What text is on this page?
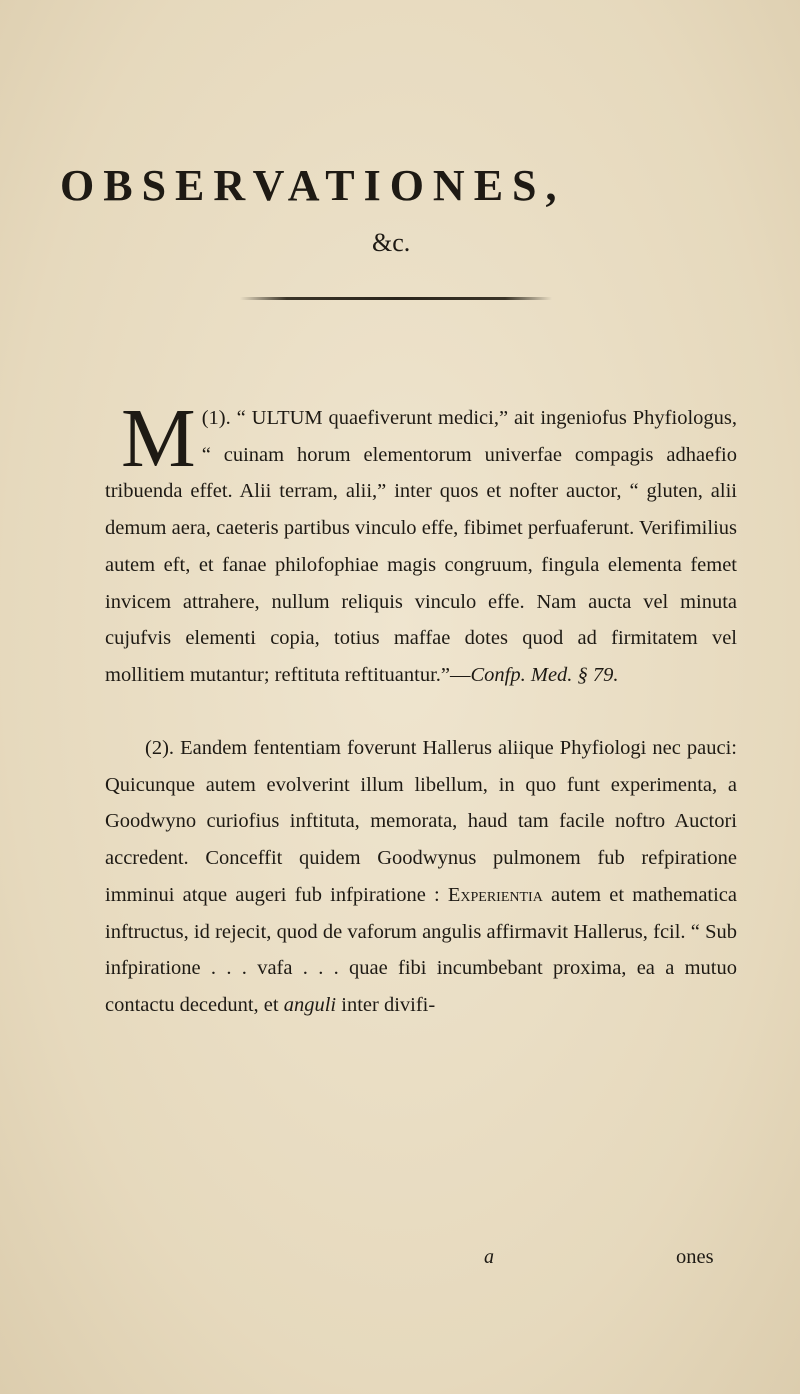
OBSERVATIONES,
&c.
(1). “
M	ULTUM quaefiverunt medici,” ait ingeniofus Phyfiologus, “ cuinam horum elementorum univerfae compagis adhaefio tribuenda effet. Alii terram, alii,” inter quos et nofter auctor, “ gluten, alii demum aera, caeteris partibus vinculo effe, fibimet perfuaferunt. Verifimilius autem eft, et fanae philofophiae magis congruum, fingula elementa femet invicem attrahere, nullum reliquis vinculo effe. Nam aucta vel minuta cujufvis elementi copia, totius maffae dotes quod ad firmitatem vel mollitiem mutantur; reftituta reftituantur.”—Confp. Med. § 79.
(2). Eandem fententiam foverunt Hallerus aliique Phyfiologi nec pauci: Quicunque autem evolverint illum libellum, in quo funt experimenta, a Goodwyno curiofius inftituta, memorata, haud tam facile noftro Auctori accredent. Conceffit quidem Goodwynus pulmonem fub refpiratione imminui atque augeri fub infpiratione : Experientia autem et mathematica inftructus, id rejecit, quod de vaforum angulis affirmavit Hallerus, fcil. “ Sub infpiratione . . . vafa . . . quae fibi incumbebant proxima, ea a mutuo contactu decedunt, et anguli inter divifi-
a	ones
